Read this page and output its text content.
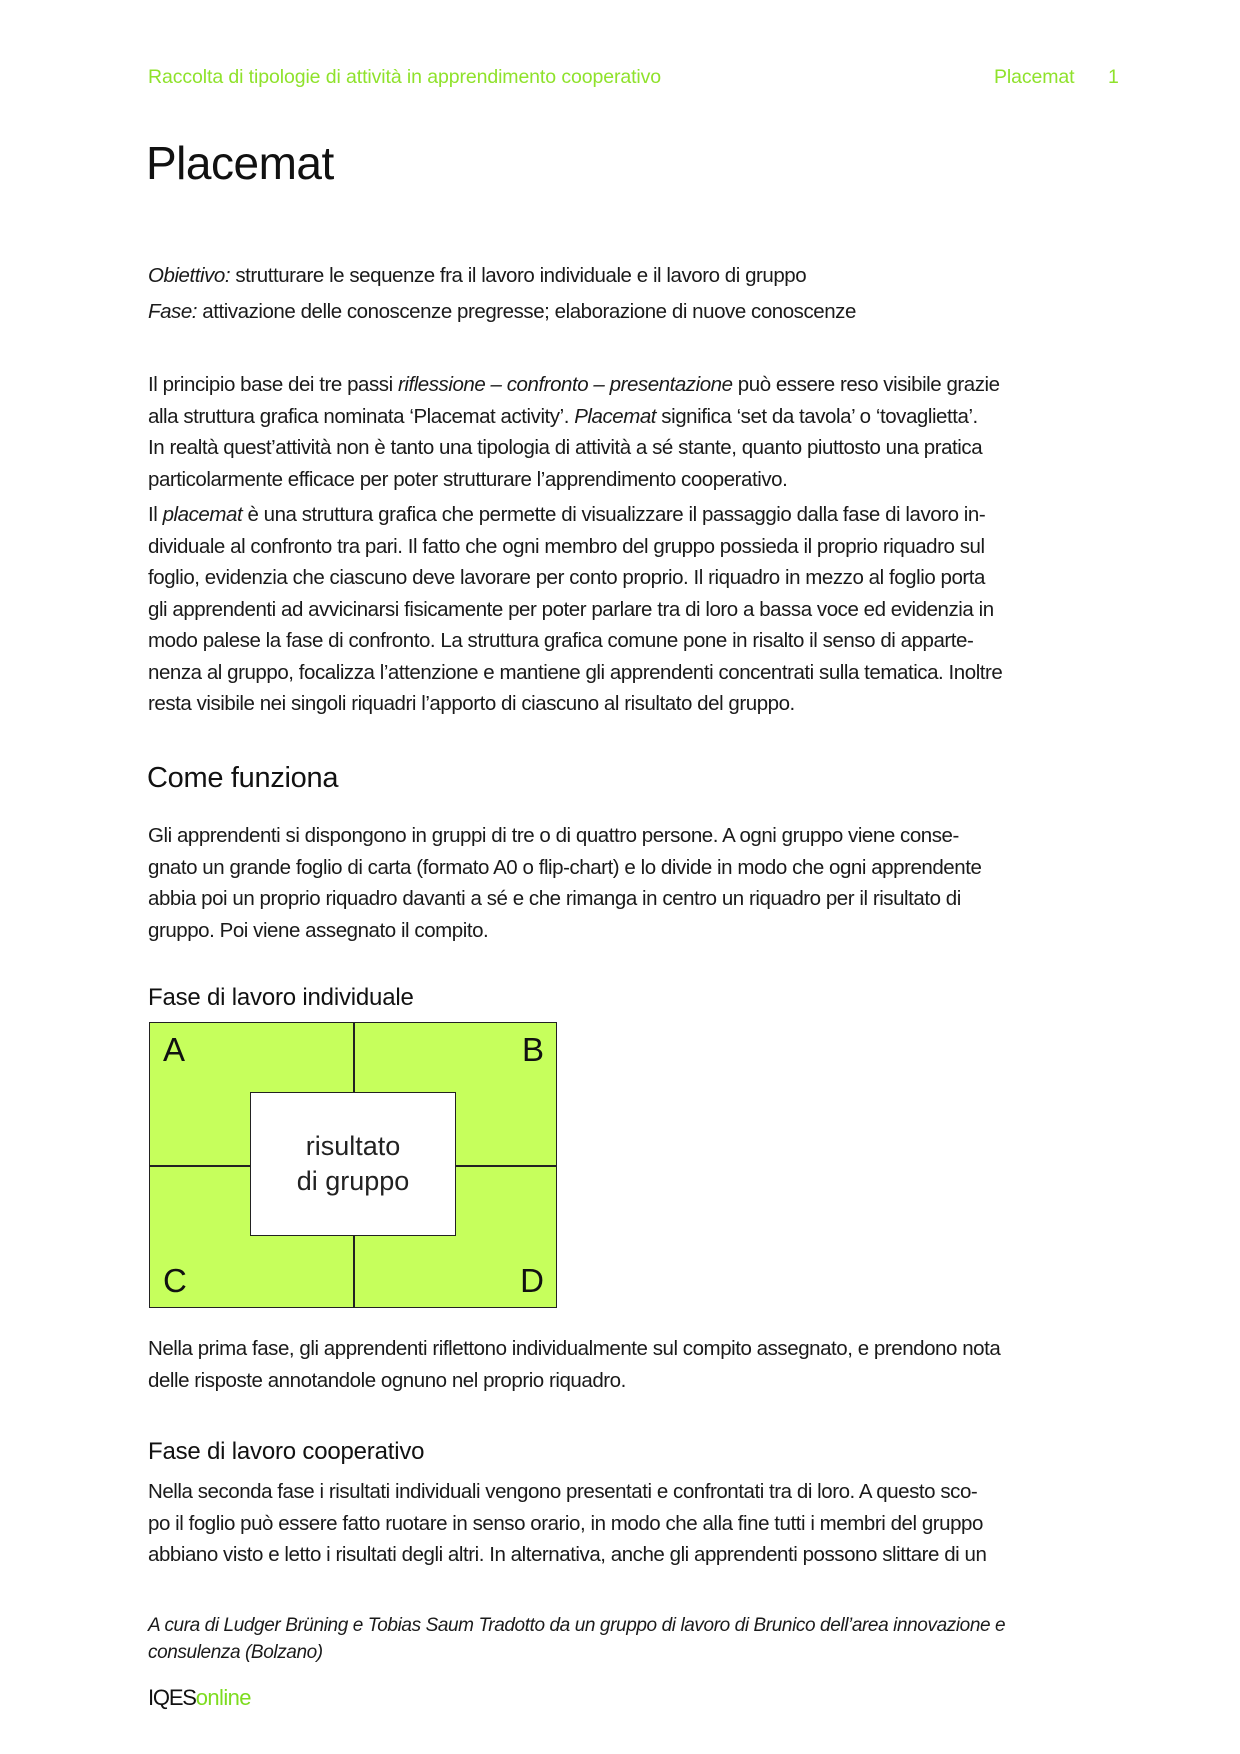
Raccolta di tipologie di attività in apprendimento cooperativo	Placemat 1
Placemat
Obiettivo: strutturare le sequenze fra il lavoro individuale e il lavoro di gruppo
Fase: attivazione delle conoscenze pregresse; elaborazione di nuove conoscenze
Il principio base dei tre passi riflessione – confronto – presentazione può essere reso visibile grazie
alla struttura grafica nominata ‘Placemat activity’. Placemat significa ‘set da tavola’ o ‘tovaglietta’.
In realtà quest’attività non è tanto una tipologia di attività a sé stante, quanto piuttosto una pratica
particolarmente efficace per poter strutturare l’apprendimento cooperativo.
Il placemat è una struttura grafica che permette di visualizzare il passaggio dalla fase di lavoro in-
dividuale al confronto tra pari. Il fatto che ogni membro del gruppo possieda il proprio riquadro sul
foglio, evidenzia che ciascuno deve lavorare per conto proprio. Il riquadro in mezzo al foglio porta
gli apprendenti ad avvicinarsi fisicamente per poter parlare tra di loro a bassa voce ed evidenzia in
modo palese la fase di confronto. La struttura grafica comune pone in risalto il senso di apparte-
nenza al gruppo, focalizza l’attenzione e mantiene gli apprendenti concentrati sulla tematica. Inoltre
resta visibile nei singoli riquadri l’apporto di ciascuno al risultato del gruppo.
Come funziona
Gli apprendenti si dispongono in gruppi di tre o di quattro persone. A ogni gruppo viene conse-
gnato un grande foglio di carta (formato A0 o flip-chart) e lo divide in modo che ogni apprendente
abbia poi un proprio riquadro davanti a sé e che rimanga in centro un riquadro per il risultato di
gruppo. Poi viene assegnato il compito.
Fase di lavoro individuale
A	B
C	D
risultato
di gruppo
Nella prima fase, gli apprendenti riflettono individualmente sul compito assegnato, e prendono nota
delle risposte annotandole ognuno nel proprio riquadro.
Fase di lavoro cooperativo
Nella seconda fase i risultati individuali vengono presentati e confrontati tra di loro. A questo sco-
po il foglio può essere fatto ruotare in senso orario, in modo che alla fine tutti i membri del gruppo
abbiano visto e letto i risultati degli altri. In alternativa, anche gli apprendenti possono slittare di un
A cura di Ludger Brüning e Tobias Saum Tradotto da un gruppo di lavoro di Brunico dell’area innovazione e
consulenza (Bolzano)
IQESonline
